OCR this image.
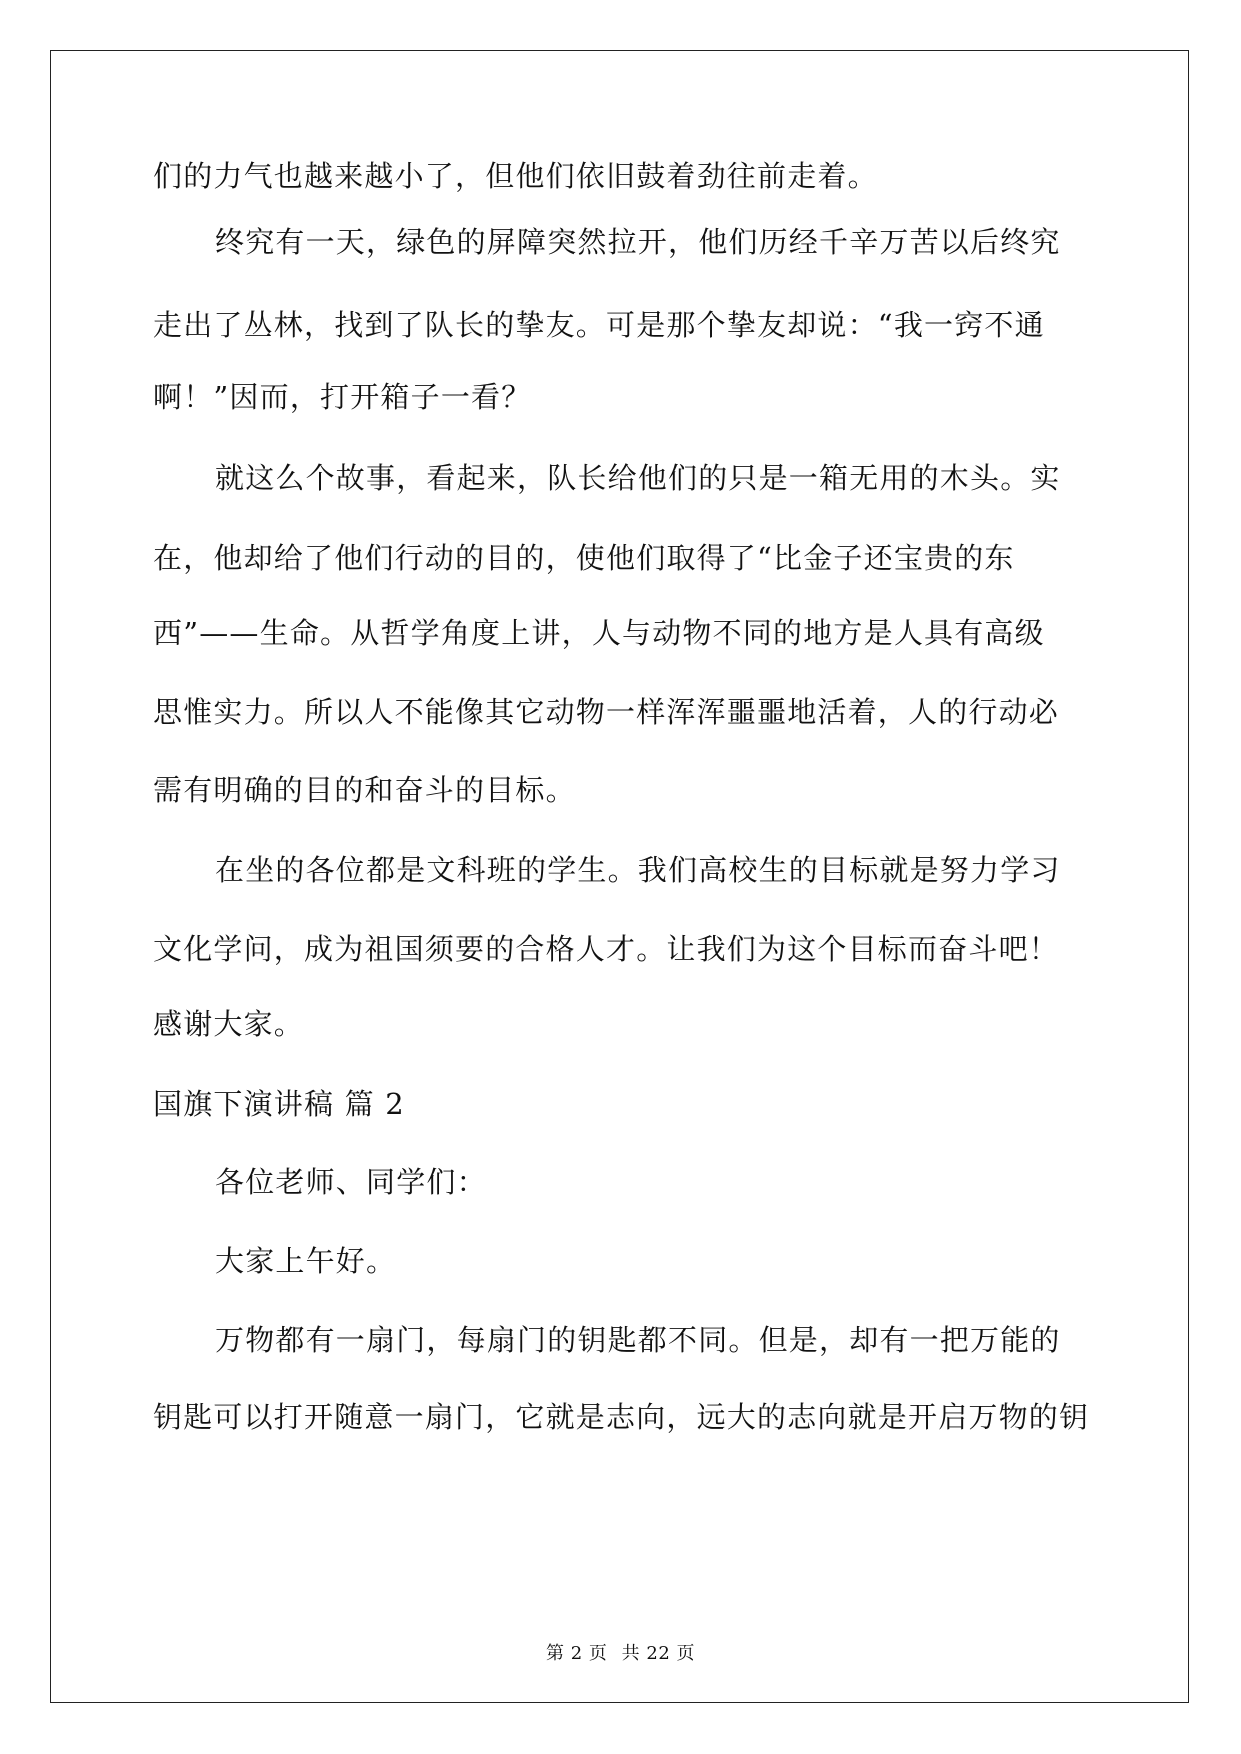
们的力气也越来越小了，但他们依旧鼓着劲往前走着。
终究有一天，绿色的屏障突然拉开，他们历经千辛万苦以后终究
走出了丛林，找到了队长的挚友。可是那个挚友却说：“我一窍不通
啊！”因而，打开箱子一看？
就这么个故事，看起来，队长给他们的只是一箱无用的木头。实
在，他却给了他们行动的目的，使他们取得了“比金子还宝贵的东
西”——生命。从哲学角度上讲，人与动物不同的地方是人具有高级
思惟实力。所以人不能像其它动物一样浑浑噩噩地活着，人的行动必
需有明确的目的和奋斗的目标。
在坐的各位都是文科班的学生。我们高校生的目标就是努力学习
文化学问，成为祖国须要的合格人才。让我们为这个目标而奋斗吧！
感谢大家。
国旗下演讲稿 篇 2
各位老师、同学们：
大家上午好。
万物都有一扇门，每扇门的钥匙都不同。但是，却有一把万能的
钥匙可以打开随意一扇门，它就是志向，远大的志向就是开启万物的钥
第 2 页 共 22 页
